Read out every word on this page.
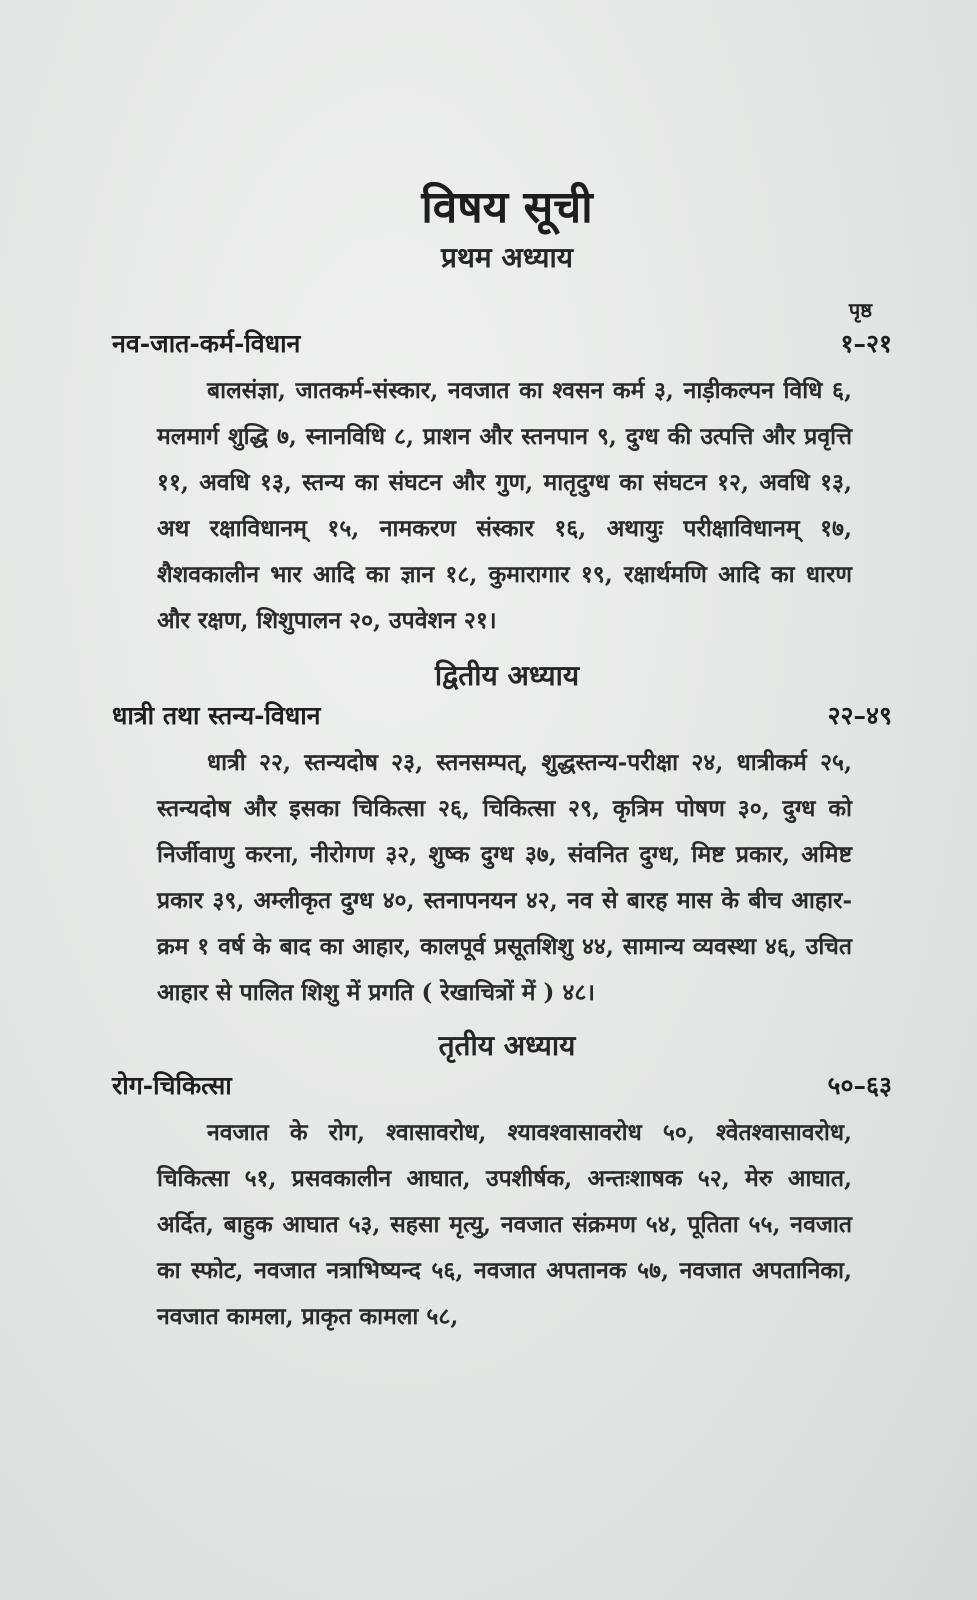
विषय सूची
प्रथम अध्याय
पृष्ठ
नव-जात-कर्म-विधान	१–२१

बालसंज्ञा, जातकर्म-संस्कार, नवजात का श्वसन कर्म ३, नाड़ीकल्पन विधि ६, मलमार्ग शुद्धि ७, स्नानविधि ८, प्राशन और स्तनपान ९, दुग्ध की उत्पत्ति और प्रवृत्ति ११, अवधि १३, स्तन्य का संघटन और गुण, मातृदुग्ध का संघटन १२, अवधि १३, अथ रक्षाविधानम् १५, नामकरण संस्कार १६, अथायुः परीक्षाविधानम् १७, शैशवकालीन भार आदि का ज्ञान १८, कुमारागार १९, रक्षार्थमणि आदि का धारण और रक्षण, शिशुपालन २०, उपवेशन २१।

द्वितीय अध्याय
धात्री तथा स्तन्य-विधान	२२–४९

धात्री २२, स्तन्यदोष २३, स्तनसम्पत्, शुद्धस्तन्य-परीक्षा २४, धात्रीकर्म २५, स्तन्यदोष और इसका चिकित्सा २६, चिकित्सा २९, कृत्रिम पोषण ३०, दुग्ध को निर्जीवाणु करना, नीरोगण ३२, शुष्क दुग्ध ३७, संवनित दुग्ध, मिष्ट प्रकार, अमिष्ट प्रकार ३९, अम्लीकृत दुग्ध ४०, स्तनापनयन ४२, नव से बारह मास के बीच आहार-क्रम १ वर्ष के बाद का आहार, कालपूर्व प्रसूतशिशु ४४, सामान्य व्यवस्था ४६, उचित आहार से पालित शिशु में प्रगति ( रेखाचित्रों में ) ४८।

तृतीय अध्याय
रोग-चिकित्सा	५०–६३

नवजात के रोग, श्वासावरोध, श्यावश्वासावरोध ५०, श्वेतश्वासावरोध, चिकित्सा ५१, प्रसवकालीन आघात, उपशीर्षक, अन्तःशाषक ५२, मेरु आघात, अर्दित, बाहुक आघात ५३, सहसा मृत्यु, नवजात संक्रमण ५४, पूतिता ५५, नवजात का स्फोट, नवजात नत्राभिष्यन्द ५६, नवजात अपतानक ५७, नवजात अपतानिका, नवजात कामला, प्राकृत कामला ५८,
